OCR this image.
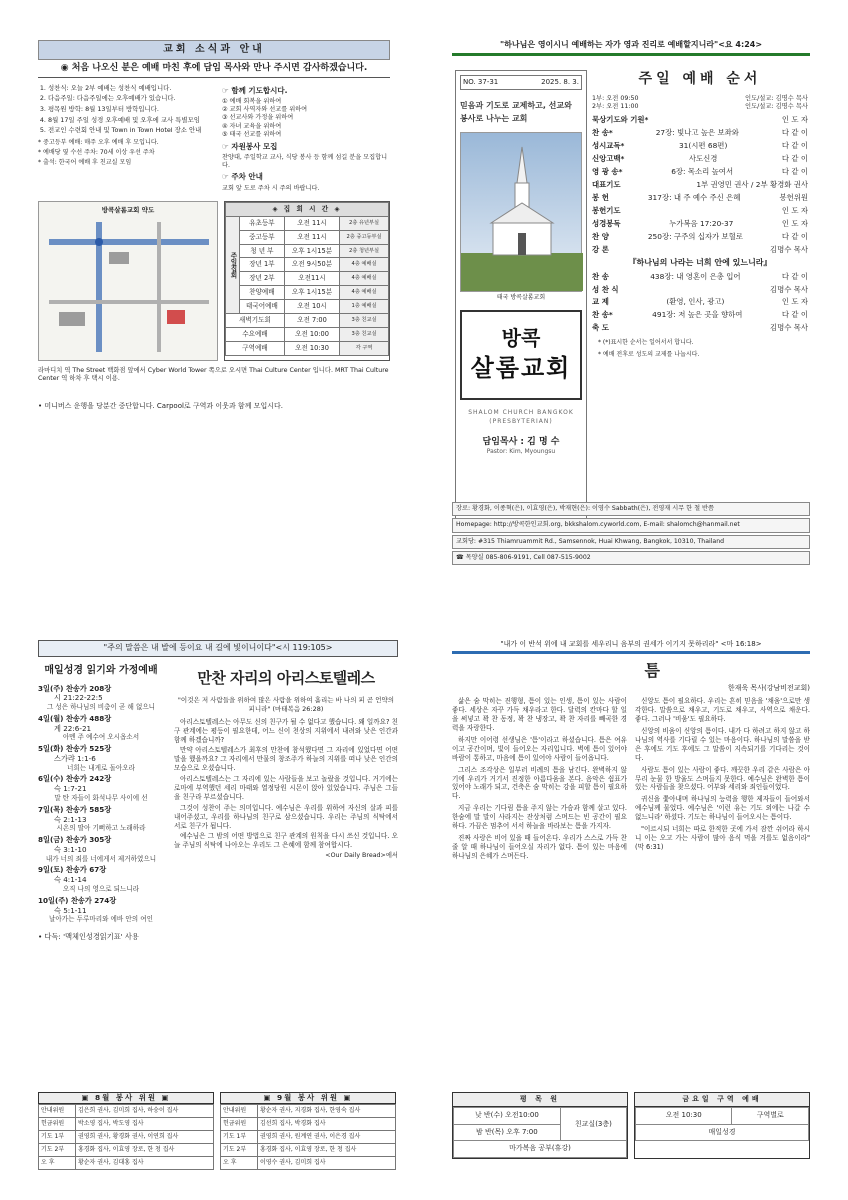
교회 소식과 안내
◉ 처음 나오신 분은 예배 마친 후에 담임 목사와 만나 주시면 감사하겠습니다.
1. 성찬식: 오늘 2부 예배는 성찬식 예배입니다.
2. 다음주일: 다음주일에는 오후예배가 있습니다.
3. 평목원 방학: 8월 13일부터 방학입니다.
4. 8월 17일 주일 성경 오후예배 및 오후에 교사 특별모임
5. 전교인 수련회 안내 및 Town in Town Hotel 장소 안내
* 중고등부 예배: 매주 오후 예배 후 모입니다.
* 예배당 옆 수선 주차: 70세 이상 우선 주차
* 출석: 한국어 예배 후 친교실 모임
☞ 함께 기도합시다.
① 예배 회복을 위하여
② 교회 사역자와 선교를 위하여
③ 선교사와 가정을 위하여
④ 자녀 교육을 위하여
⑤ 태국 선교를 위하여
☞ 자원봉사 모집
찬양대, 주일학교 교사, 식당 봉사 등 함께 섬길 분을 모집합니다.
☞ 주차 안내
교회 앞 도로 주차 시 주의 바랍니다.
방콕살롬교회 약도	◈ 집 회 시 간 ◈			
주일집회	유초등부	오전 11시	2층 유년부실
	중고등부	오전 11시	2층 중고등부실
	청 년 부	오후 1시15분	2층 청년부실
	장년 1부	오전 9시50분	4층 예배실
	장년 2부	오전11시	4층 예배실
	찬양예배	오후 1시15분	4층 예배실
	태국어예배	오전 10시	1층 예배실
새벽기도회		오전 7:00	3층 친교실
수요예배		오전 10:00	3층 친교실
구역예배		오전 10:30	각 구역
라마디치 역 The Street 백화점 앞에서 Cyber World Tower 쪽으로 오시면 Thai Culture Center 입니다. MRT Thai Culture Center 역 하차 후 택시 이용.
• 미니버스 운행을 당분간 중단합니다. Carpool로 구역과 이웃과 함께 모입시다.
"하나님은 영이시니 예배하는 자가 영과 진리로 예배할지니라"<요 4:24>
NO. 37-31	2025. 8. 3.
믿음과 기도로 교제하고, 선교와 봉사로 나누는 교회
태국 방콕살롬교회
방콕
살롬교회
SHALOM CHURCH BANGKOK (PRESBYTERIAN)
담임목사 : 김 명 수
Pastor: Kim, Myoungsu
주일 예배 순서
1부: 오전 09:50
2부: 오전 11:00
인도/설교: 김명수 목사
인도/설교: 김명수 목사
묵상기도와 기원*	인 도 자
찬 송*	27장: 빛나고 높은 보좌와	다 같 이
성시교독*	31(시편 68편)	다 같 이
신앙고백*	사도신경	다 같 이
영 광 송*	6장: 목소리 높여서	다 같 이
대표기도	1부 권영민 권사 / 2부 황경화 권사
봉 헌	317장: 내 주 예수 주신 은혜	봉헌위원
봉헌기도	인 도 자
성경봉독	누가복음 17:20-37	인 도 자
찬 양	250장: 구주의 십자가 보혈로	다 같 이
강 론	김명수 목사
『하나님의 나라는 너희 안에 있느니라』
찬 송	438장: 내 영혼이 은총 입어	다 같 이
성 찬 식	김명수 목사
교 제	(환영, 인사, 광고)	인 도 자
찬 송*	491장: 저 높은 곳을 향하여	다 같 이
축 도	김명수 목사
* (*)표시한 순서는 일어서서 합니다.
* 예배 전후로 성도의 교제를 나눕시다.
장로: 황경화, 이종혁(은), 이효영(은), 박재현(은): 이영수 Sabbath(은), 전영재 시무 한 철 반쯤
Homepage: http://방콕한인교회.org, bkkshalom.cyworld.com, E-mail: shalomch@hanmail.net
교회당: #315 Thiamruammit Rd., Samsennok, Huai Khwang, Bangkok, 10310, Thailand
☎ 목양실 085-806-9191, Cell 087-515-9002
"주의 말씀은 내 발에 등이요 내 길에 빛이니이다"<시 119:105>
매일성경 읽기와 가정예배
3일(주) 찬송가 208장
시 21:22-22:5
그 성은 하나님의 비춤이 곧 해 없으니
4일(월) 찬송가 488장
계 22:6-21
아멘 주 예수여 오시옵소서
5일(화) 찬송가 525장
스가랴 1:1-6
너희는 내게로 돌아오라
6일(수) 찬송가 242장
슥 1:7-21
말 탄 자들이 화석나무 사이에 선
7일(목) 찬송가 585장
슥 2:1-13
시온의 딸아 기뻐하고 노래하라
8일(금) 찬송가 305장
슥 3:1-10
내가 너의 죄를 너에게서 제거하였으니
9일(토) 찬송가 67장
슥 4:1-14
오직 나의 영으로 되느니라
10일(주) 찬송가 274장
슥 5:1-11
날아가는 두루마리와 에바 안의 여인
• 다독: '맥체인성경읽기표' 사용
만찬 자리의 아리스토텔레스
"이것은 저 사람들을 위하여 많은 사람을 위하여 흘리는 바 나의 피 곧 언약의 피니라" (마태복음 26:28)

아리스토텔레스는 아무도 신의 친구가 될 수 없다고 했습니다. 왜 일까요? 친구 관계에는 평등이 필요한데, 어느 신이 천상의 지위에서 내려와 낮은 인간과 함께 하겠습니까?

만약 아리스토텔레스가 최후의 만찬에 참석했다면 그 자리에 있었다면 어떤 말을 했을까요? 그 자리에서 만물의 창조주가 하늘의 지위를 떠나 낮은 인간의 모습으로 오셨습니다.

아리스토텔레스는 그 자리에 있는 사람들을 보고 놀랐을 것입니다. 거기에는 로마에 부역했던 세리 마태와 열정당원 시몬이 앉아 있었습니다. 주님은 그들을 친구라 부르셨습니다.

그것이 성찬이 주는 의미입니다. 예수님은 우리를 위하여 자신의 살과 피를 내어주셨고, 우리를 하나님의 친구로 삼으셨습니다. 우리는 주님의 식탁에서 서로 친구가 됩니다.

예수님은 그 밤의 어떤 방법으로 친구 관계의 원칙을 다시 쓰신 것입니다. 오늘 주님의 식탁에 나아오는 우리도 그 은혜에 함께 참여합시다.

<Our Daily Bread>에서
▣ 8월 봉사 위원 ▣
안내위원	김은희 권사, 김미희 집사, 하숭이 집사
헌금위원	박소영 집사, 박도영 집사
기도 1부	권영희 권사, 황경화 권사, 이연희 집사
기도 2부	홍경화 집사, 이효영 장로, 한 청 집사
오 후	황순자 권사, 김대홍 집사
▣ 9월 봉사 위원 ▣
안내위원	황순자 권사, 지경화 집사, 한영숙 집사
헌금위원	김선희 집사, 박경화 집사
기도 1부	권영희 권사, 원계연 권사, 이은경 집사
기도 2부	홍경화 집사, 이효영 장로, 한 청 집사
오 후	이영수 권사, 김미희 집사
"내가 이 반석 위에 내 교회를 세우리니 음부의 권세가 이기지 못하리라" <마 16:18>
틈
한재욱 목사(강남비전교회)

삶은 숨 막히는 진행형, 틈이 있는 인생, 틈이 있는 사람이 좋다. 세상은 자꾸 가득 채우라고 한다. 달력의 칸마다 할 일을 써넣고 꽉 찬 동정, 꽉 찬 냉장고, 꽉 찬 자리를 빼곡한 경력을 자랑한다.

하지만 이어령 선생님은 '틈'이라고 하셨습니다. 틈은 여유이고 공간이며, 빛이 들어오는 자리입니다. 벽에 틈이 있어야 바람이 통하고, 마음에 틈이 있어야 사람이 들어옵니다.

그리스 조각상은 일부러 비례의 틈을 남긴다. 완벽하지 않기에 우리가 거기서 진정한 아름다움을 본다. 음악은 쉼표가 있어야 노래가 되고, 건축은 숨 막히는 강을 피할 틈이 필요하다.

지금 우리는 기다림 틈을 주지 않는 가슴과 함께 살고 있다. 한숨에 말 말이 사라지는 잔상처럼 스며드는 빈 공간이 필요하다. 가끔은 멈추어 서서 하늘을 바라보는 틈을 가지자.

진짜 사랑은 비어 있을 때 들어온다. 우리가 스스로 가득 찬 줄 알 때 하나님이 들어오실 자리가 없다. 틈이 있는 마음에 하나님의 은혜가 스며든다.

신앙도 틈이 필요하다. 우리는 흔히 믿음을 '채움'으로만 생각한다. 말씀으로 채우고, 기도로 채우고, 사역으로 채운다. 좋다. 그러나 '비움'도 필요하다.

신앙의 비움이 신앙의 틈이다. 내가 다 하려고 하지 않고 하나님의 역사를 기다릴 수 있는 마음이다. 하나님의 말씀을 받은 후에도 기도 후에도 그 말씀이 지속되기를 기다리는 것이다.

사람도 틈이 있는 사람이 좋다. 깨끗한 우리 같은 사람은 아무리 눈물 한 방울도 스며들지 못한다. 예수님은 완벽한 틈이 있는 사람들을 찾으셨다. 어부와 세리와 죄인들이었다.

귀신을 쫓아내며 하나님의 능력을 행한 제자들이 들어와서 예수님께 물었다. 예수님은 '이런 유는 기도 외에는 나갈 수 없느니라' 하셨다. 기도는 하나님이 들어오시는 틈이다.

"이르시되 너희는 따로 한적한 곳에 가서 잠깐 쉬어라 하시니 이는 오고 가는 사람이 많아 음식 먹을 겨를도 없음이라" (막 6:31)

평 목 원
낮 반(수) 오전10:00	친교실(3층)
밤 반(목) 오후 7:00
마가복음 공부(휴강)
금요일 구역 예배
오전 10:30	구역별로
매일성경
